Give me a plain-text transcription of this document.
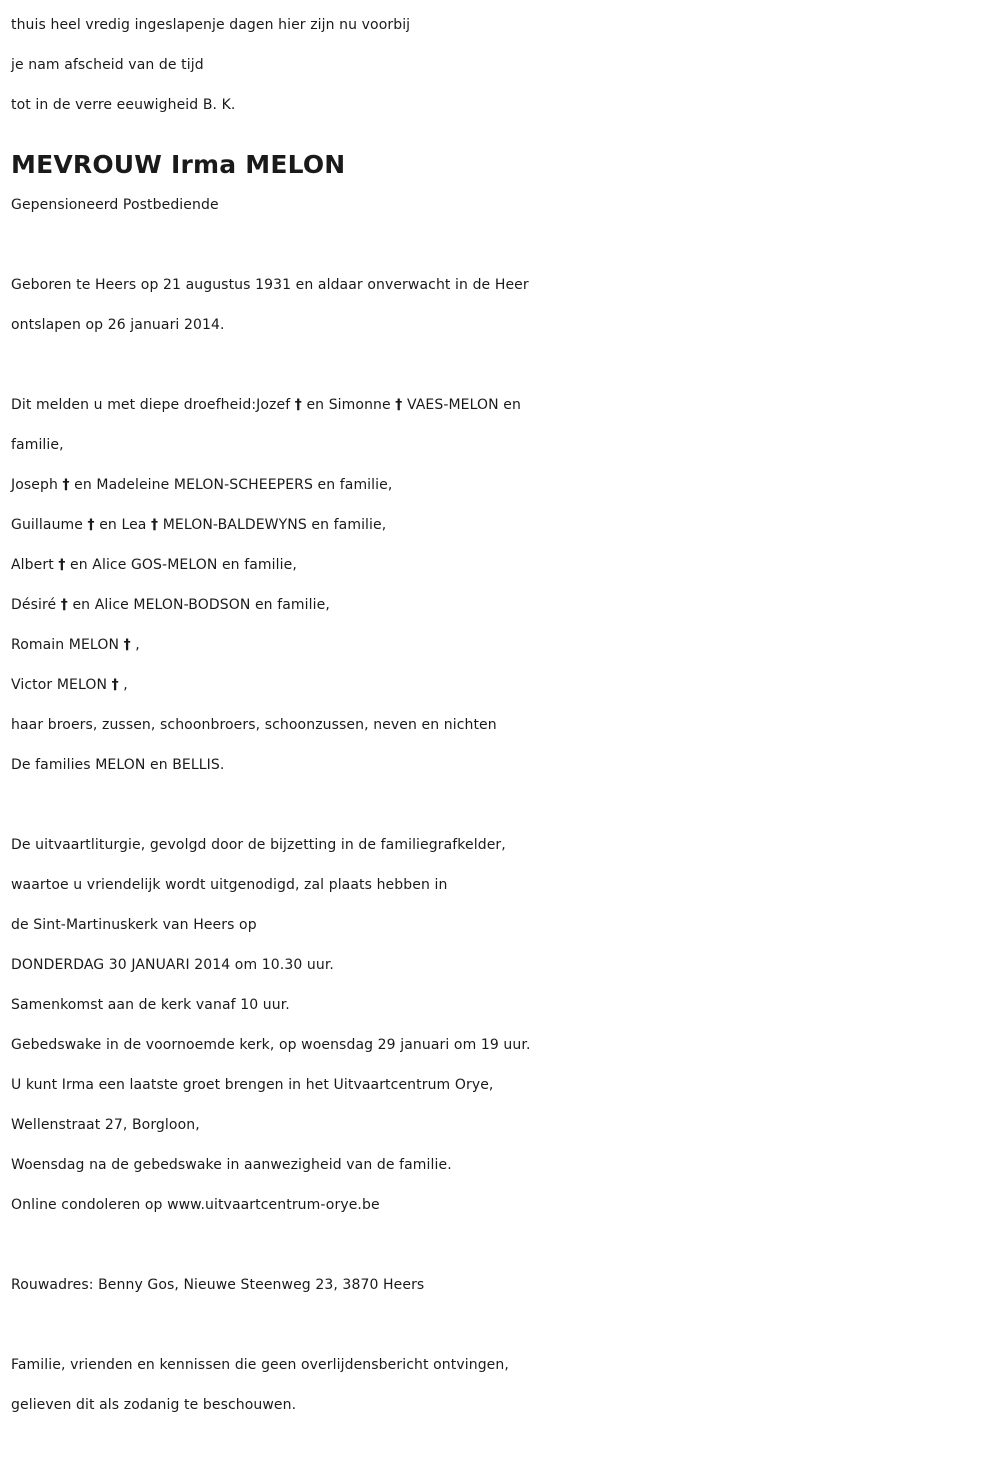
thuis heel vredig ingeslapenje dagen hier zijn nu voorbij
je nam afscheid van de tijd
tot in de verre eeuwigheid B. K.
MEVROUW Irma MELON
Gepensioneerd Postbediende
Geboren te Heers op 21 augustus 1931 en aldaar onverwacht in de Heer
ontslapen op 26 januari 2014.
Dit melden u met diepe droefheid:Jozef † en Simonne † VAES-MELON en
familie,
Joseph † en Madeleine MELON-SCHEEPERS en familie,
Guillaume † en Lea † MELON-BALDEWYNS en familie,
Albert † en Alice GOS-MELON en familie,
Désiré † en Alice MELON-BODSON en familie,
Romain MELON † ,
Victor MELON † ,
haar broers, zussen, schoonbroers, schoonzussen, neven en nichten
De families MELON en BELLIS.
De uitvaartliturgie, gevolgd door de bijzetting in de familiegrafkelder,
waartoe u vriendelijk wordt uitgenodigd, zal plaats hebben in
de Sint-Martinuskerk van Heers op
DONDERDAG 30 JANUARI 2014 om 10.30 uur.
Samenkomst aan de kerk vanaf 10 uur.
Gebedswake in de voornoemde kerk, op woensdag 29 januari om 19 uur.
U kunt Irma een laatste groet brengen in het Uitvaartcentrum Orye,
Wellenstraat 27, Borgloon,
Woensdag na de gebedswake in aanwezigheid van de familie.
Online condoleren op www.uitvaartcentrum-orye.be
Rouwadres: Benny Gos, Nieuwe Steenweg 23, 3870 Heers
Familie, vrienden en kennissen die geen overlijdensbericht ontvingen,
gelieven dit als zodanig te beschouwen.
